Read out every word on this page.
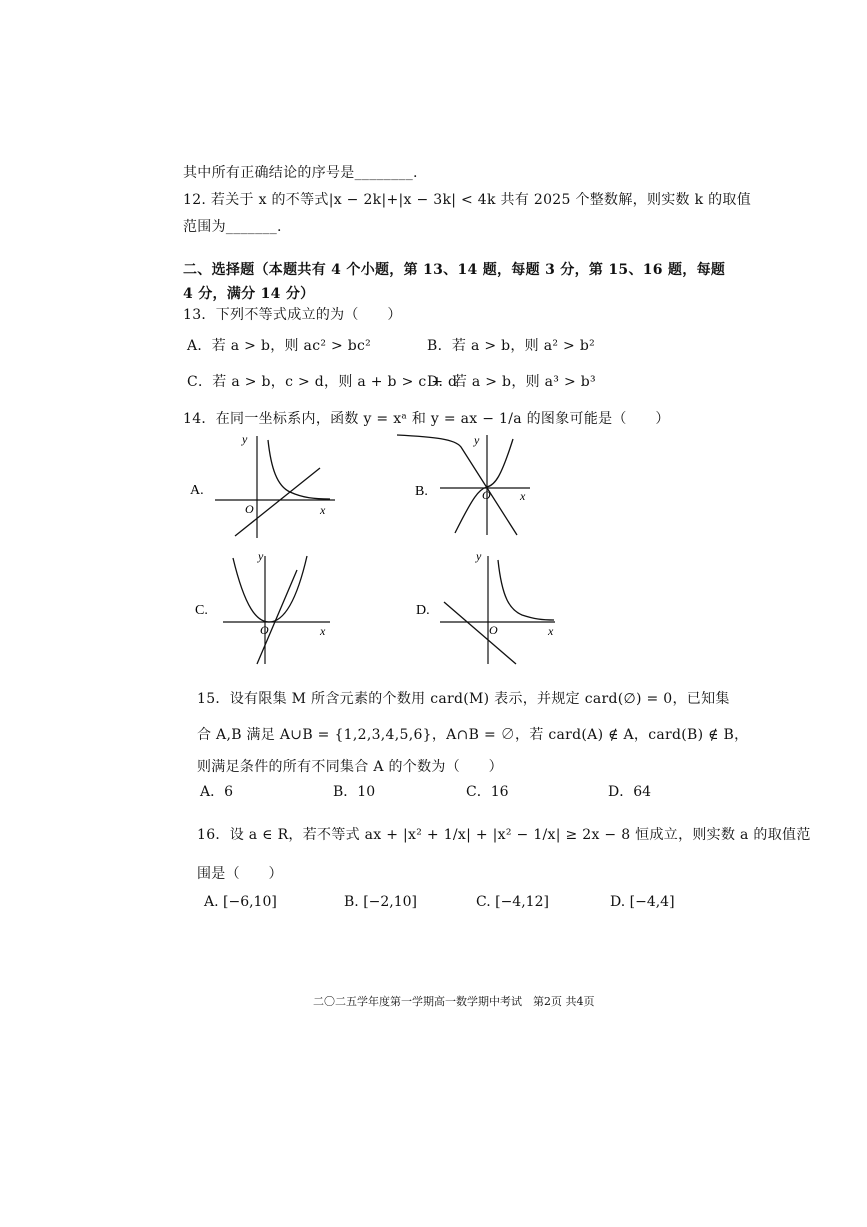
其中所有正确结论的序号是________.
12. 若关于 x 的不等式|x − 2k|+|x − 3k| < 4k 共有 2025 个整数解，则实数 k 的取值
范围为_______.
二、选择题（本题共有 4 个小题，第 13、14 题，每题 3 分，第 15、16 题，每题
4 分，满分 14 分）
13．下列不等式成立的为（　　）
A．若 a > b，则 ac² > bc²	B．若 a > b，则 a² > b²
C．若 a > b，c > d，则 a + b > c + d
D．若 a > b，则 a³ > b³
14．在同一坐标系内，函数 y = xᵃ 和 y = ax − 1/a 的图象可能是（　　）
A.
y
x
O
B.
y
x
O
C.
y
x
O
D.
y
x
O
15．设有限集 M 所含元素的个数用 card(M) 表示，并规定 card(∅) = 0，已知集
合 A,B 满足 A∪B = {1,2,3,4,5,6}，A∩B = ∅，若 card(A) ∉ A，card(B) ∉ B，
则满足条件的所有不同集合 A 的个数为（　　）
A．6	B．10	C．16	D．64
16．设 a ∈ R，若不等式 ax + |x² + 1/x| + |x² − 1/x| ≥ 2x − 8 恒成立，则实数 a 的取值范
围是（　　）
A. [−6,10]	B. [−2,10]	C. [−4,12]	D. [−4,4]
二〇二五学年度第一学期高一数学期中考试　第2页 共4页
